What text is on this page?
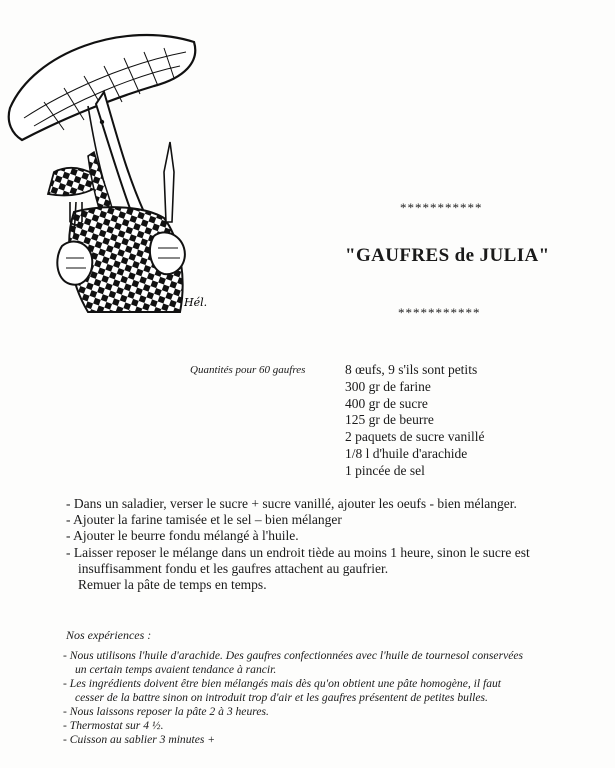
Hél.
***********
"GAUFRES de JULIA"
***********
Quantités pour 60 gaufres	8 œufs, 9 s'ils sont petits
300 gr de farine
400 gr de sucre
125 gr de beurre
2 paquets de sucre vanillé
1/8 l d'huile d'arachide
1 pincée de sel
- Dans un saladier, verser le sucre + sucre vanillé, ajouter les oeufs - bien mélanger.
- Ajouter la farine tamisée et le sel – bien mélanger
- Ajouter le beurre fondu mélangé à l'huile.
- Laisser reposer le mélange dans un endroit tiède au moins 1 heure, sinon le sucre est
insuffisamment fondu et les gaufres attachent au gaufrier.
Remuer la pâte de temps en temps.
Nos expériences :
- Nous utilisons l'huile d'arachide. Des gaufres confectionnées avec l'huile de tournesol conservées
un certain temps avaient tendance à rancir.
- Les ingrédients doivent être bien mélangés mais dès qu'on obtient une pâte homogène, il faut
cesser de la battre sinon on introduit trop d'air et les gaufres présentent de petites bulles.
- Nous laissons reposer la pâte 2 à 3 heures.
- Thermostat sur 4 ½.
- Cuisson au sablier 3 minutes +
